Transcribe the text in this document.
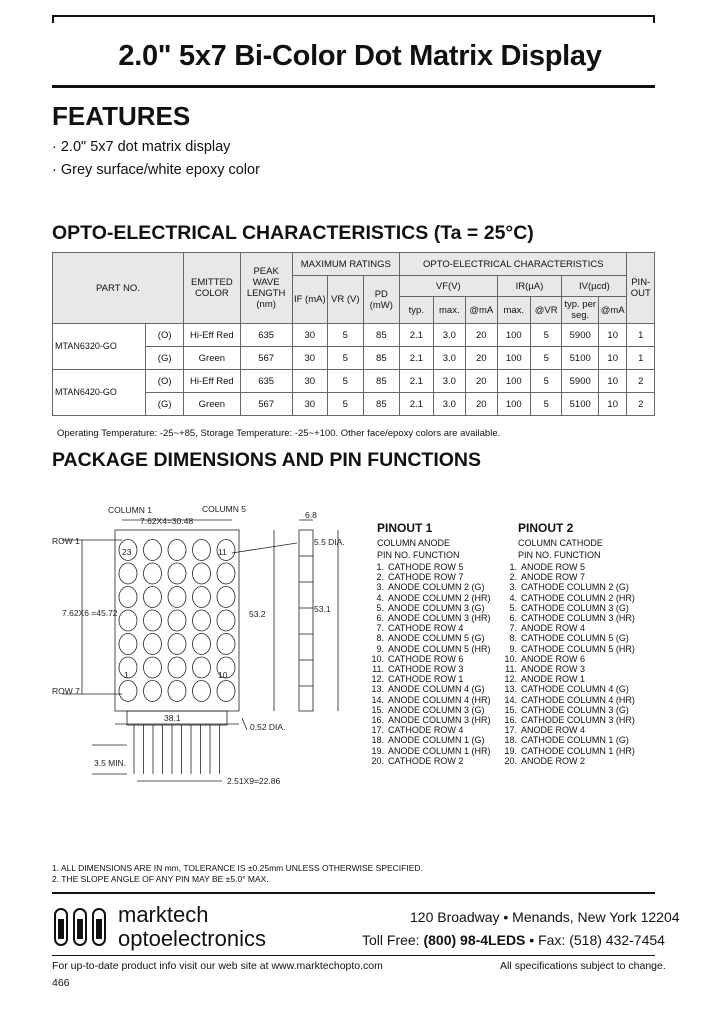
2.0" 5x7 Bi-Color Dot Matrix Display
FEATURES
· 2.0" 5x7 dot matrix display
· Grey surface/white epoxy color
OPTO-ELECTRICAL CHARACTERISTICS (Ta = 25°C)
PART NO.		EMITTED COLOR	PEAK WAVE LENGTH (nm)	MAXIMUM RATINGS			OPTO-ELECTRICAL CHARACTERISTICS							PIN-OUT
				IF (mA)	VR (V)	PD (mW)	VF(V)			IR(µA)		IV(µcd)		
							typ.	max.	@mA	max.	@VR	typ. per seg.	@mA	
MTAN6320-GO	(O)	Hi-Eff Red	635	30	5	85	2.1	3.0	20	100	5	5900	10	1
	(G)	Green	567	30	5	85	2.1	3.0	20	100	5	5100	10	1
MTAN6420-GO	(O)	Hi-Eff Red	635	30	5	85	2.1	3.0	20	100	5	5900	10	2
	(G)	Green	567	30	5	85	2.1	3.0	20	100	5	5100	10	2
Operating Temperature: -25~+85, Storage Temperature: -25~+100. Other face/epoxy colors are available.
PACKAGE DIMENSIONS AND PIN FUNCTIONS
COLUMN 1	COLUMN 5
7.62X4=30.48
6.8
ROW 1
ROW 7
5.5 DIA.
7.62X6 =45.72	53.2	53.1
23	11
1	10
38.1
0.52 DIA.
3.5 MIN.
2.51X9=22.86
PINOUT 1
COLUMN ANODE
PIN NO. FUNCTION
1. CATHODE ROW 5
2. CATHODE ROW 7
3. ANODE COLUMN 2 (G)
4. ANODE COLUMN 2 (HR)
5. ANODE COLUMN 3 (G)
6. ANODE COLUMN 3 (HR)
7. CATHODE ROW 4
8. ANODE COLUMN 5 (G)
9. ANODE COLUMN 5 (HR)
10. CATHODE ROW 6
11. CATHODE ROW 3
12. CATHODE ROW 1
13. ANODE COLUMN 4 (G)
14. ANODE COLUMN 4 (HR)
15. ANODE COLUMN 3 (G)
16. ANODE COLUMN 3 (HR)
17. CATHODE ROW 4
18. ANODE COLUMN 1 (G)
19. ANODE COLUMN 1 (HR)
20. CATHODE ROW 2
PINOUT 2
COLUMN CATHODE
PIN NO. FUNCTION
1. ANODE ROW 5
2. ANODE ROW 7
3. CATHODE COLUMN 2 (G)
4. CATHODE COLUMN 2 (HR)
5. CATHODE COLUMN 3 (G)
6. CATHODE COLUMN 3 (HR)
7. ANODE ROW 4
8. CATHODE COLUMN 5 (G)
9. CATHODE COLUMN 5 (HR)
10. ANODE ROW 6
11. ANODE ROW 3
12. ANODE ROW 1
13. CATHODE COLUMN 4 (G)
14. CATHODE COLUMN 4 (HR)
15. CATHODE COLUMN 3 (G)
16. CATHODE COLUMN 3 (HR)
17. ANODE ROW 4
18. CATHODE COLUMN 1 (G)
19. CATHODE COLUMN 1 (HR)
20. ANODE ROW 2
1. ALL DIMENSIONS ARE IN mm, TOLERANCE IS ±0.25mm UNLESS OTHERWISE SPECIFIED.
2. THE SLOPE ANGLE OF ANY PIN MAY BE ±5.0° MAX.
marktech
optoelectronics
120 Broadway • Menands, New York 12204
Toll Free: (800) 98-4LEDS • Fax: (518) 432-7454
For up-to-date product info visit our web site at www.marktechopto.com	All specifications subject to change.
466
